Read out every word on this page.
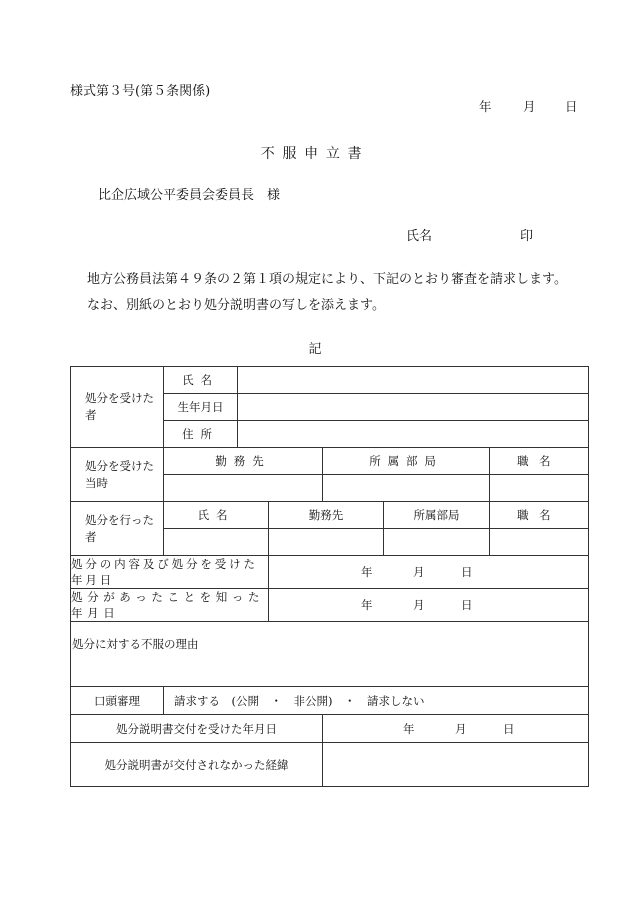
様式第３号(第５条関係)
年	月 日
不服申立書
比企広域公平委員会委員長　様
氏名	印
地方公務員法第４９条の２第１項の規定により、下記のとおり審査を請求します。
なお、別紙のとおり処分説明書の写しを添えます。
記
処分を受けた者	氏名					
	生年月日					
	住所					
処分を受けた当時	勤務先			所属部局		職名

処分を行った者	氏名		勤務先		所属部局	職名

処分の内容及び処分を受けた年月日			年 月 日			
処分があったことを知った年月日			年 月 日			
処分に対する不服の理由						
口頭審理	請求する　(公開　・　非公開)　・　請求しない					
処分説明書交付を受けた年月日				年 月 日		
処分説明書が交付されなかった経緯						
